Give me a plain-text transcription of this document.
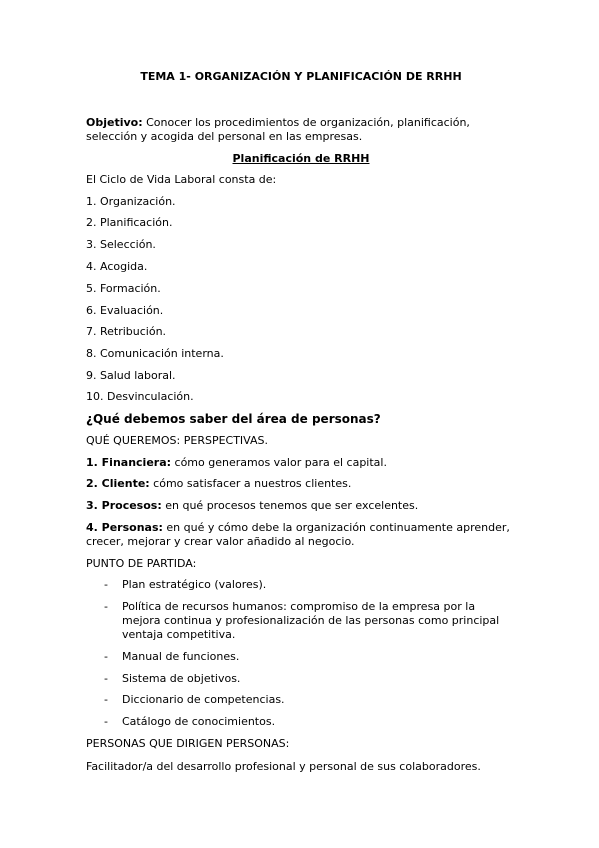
TEMA 1- ORGANIZACIÓN Y PLANIFICACIÓN DE RRHH
Objetivo: Conocer los procedimientos de organización, planificación,
selección y acogida del personal en las empresas.
Planificación de RRHH
El Ciclo de Vida Laboral consta de:
1. Organización.
2. Planificación.
3. Selección.
4. Acogida.
5. Formación.
6. Evaluación.
7. Retribución.
8. Comunicación interna.
9. Salud laboral.
10. Desvinculación.
¿Qué debemos saber del área de personas?
QUÉ QUEREMOS: PERSPECTIVAS.
1. Financiera: cómo generamos valor para el capital.
2. Cliente: cómo satisfacer a nuestros clientes.
3. Procesos: en qué procesos tenemos que ser excelentes.
4. Personas: en qué y cómo debe la organización continuamente aprender,
crecer, mejorar y crear valor añadido al negocio.
PUNTO DE PARTIDA:
- Plan estratégico (valores).
- Política de recursos humanos: compromiso de la empresa por la
mejora continua y profesionalización de las personas como principal
ventaja competitiva.
- Manual de funciones.
- Sistema de objetivos.
- Diccionario de competencias.
- Catálogo de conocimientos.
PERSONAS QUE DIRIGEN PERSONAS:
Facilitador/a del desarrollo profesional y personal de sus colaboradores.
